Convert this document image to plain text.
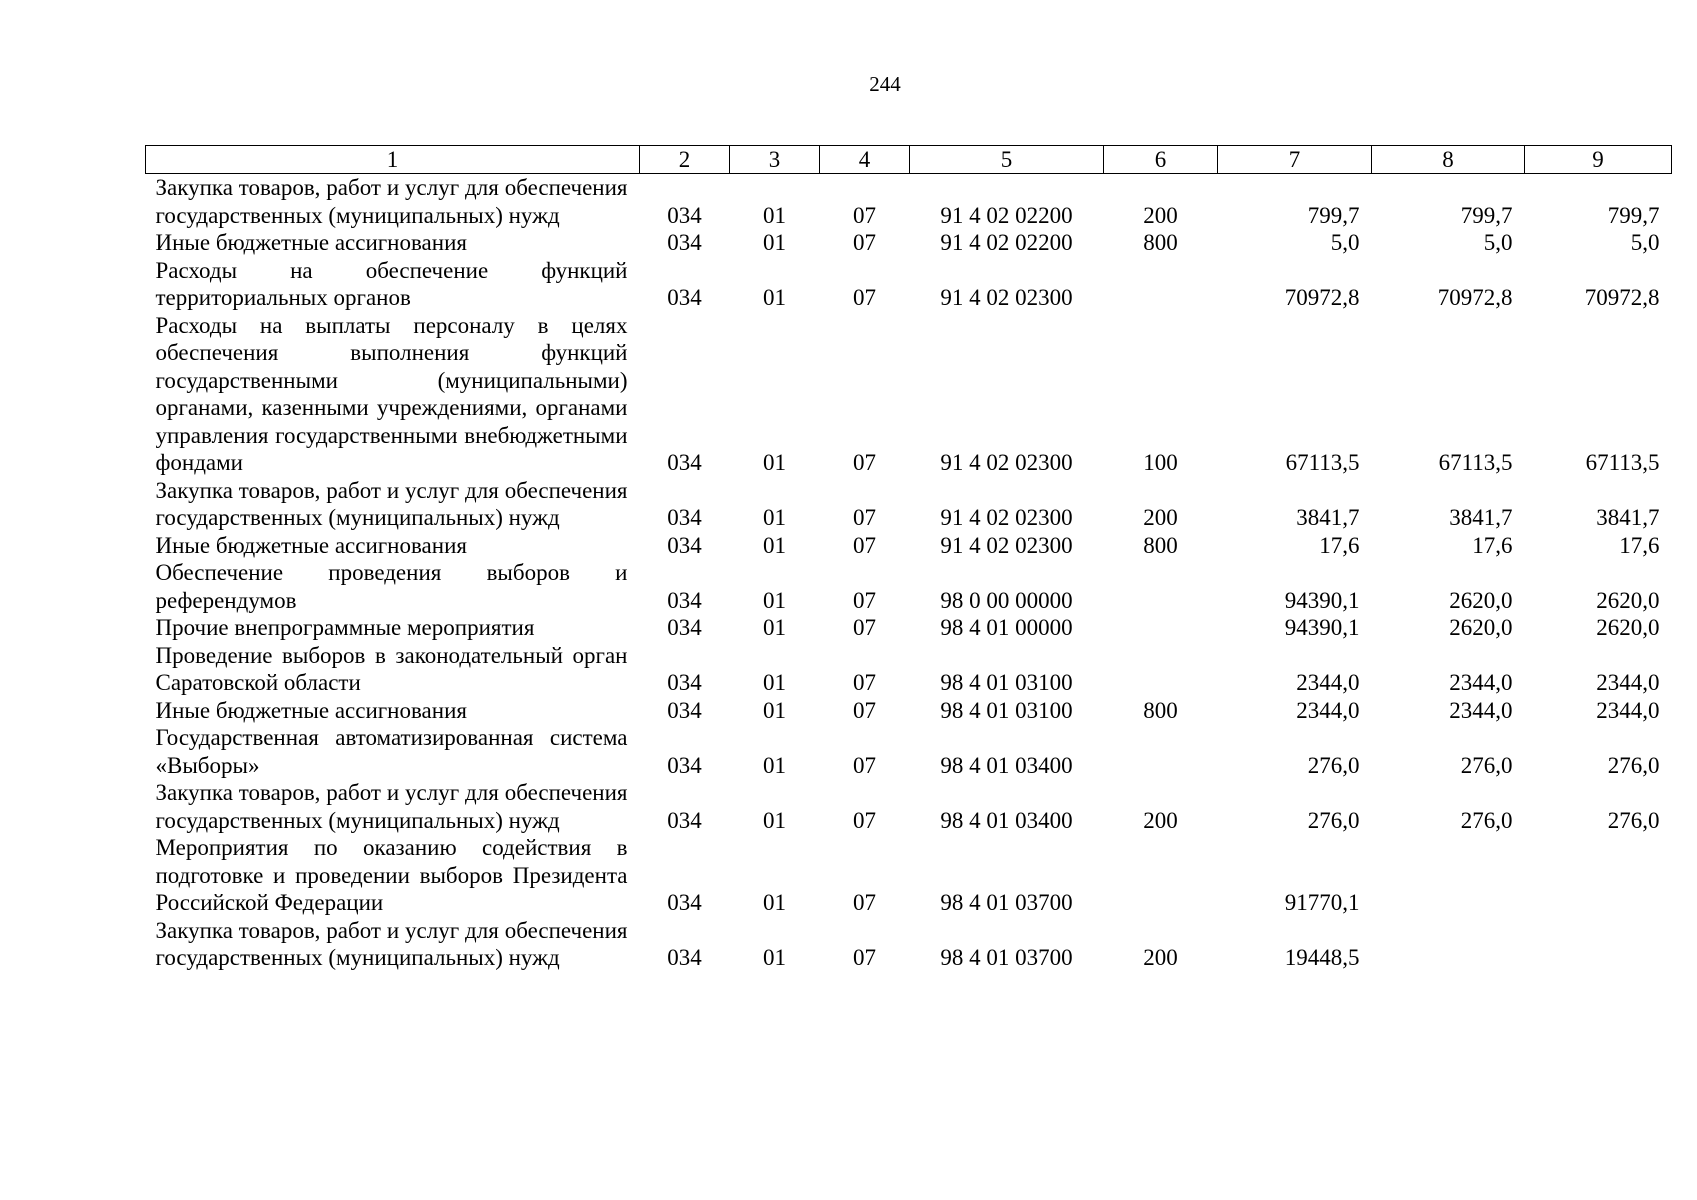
244
1	2	3	4	5	6	7	8	9
Закупка товаров, работ и услуг для обеспечения государственных (муниципальных) нужд	034	01	07	91 4 02 02200	200	799,7	799,7	799,7
Иные бюджетные ассигнования	034	01	07	91 4 02 02200	800	5,0	5,0	5,0
Расходы на обеспечение функций территориальных органов	034	01	07	91 4 02 02300		70972,8	70972,8	70972,8
Расходы на выплаты персоналу в целях обеспечения выполнения функций государственными (муниципальными) органами, казенными учреждениями, органами управления государственными внебюджетными фондами	034	01	07	91 4 02 02300	100	67113,5	67113,5	67113,5
Закупка товаров, работ и услуг для обеспечения государственных (муниципальных) нужд	034	01	07	91 4 02 02300	200	3841,7	3841,7	3841,7
Иные бюджетные ассигнования	034	01	07	91 4 02 02300	800	17,6	17,6	17,6
Обеспечение проведения выборов и референдумов	034	01	07	98 0 00 00000		94390,1	2620,0	2620,0
Прочие внепрограммные мероприятия	034	01	07	98 4 01 00000		94390,1	2620,0	2620,0
Проведение выборов в законодательный орган Саратовской области	034	01	07	98 4 01 03100		2344,0	2344,0	2344,0
Иные бюджетные ассигнования	034	01	07	98 4 01 03100	800	2344,0	2344,0	2344,0
Государственная автоматизированная система «Выборы»	034	01	07	98 4 01 03400		276,0	276,0	276,0
Закупка товаров, работ и услуг для обеспечения государственных (муниципальных) нужд	034	01	07	98 4 01 03400	200	276,0	276,0	276,0
Мероприятия по оказанию содействия в подготовке и проведении выборов Президента Российской Федерации	034	01	07	98 4 01 03700		91770,1		
Закупка товаров, работ и услуг для обеспечения государственных (муниципальных) нужд	034	01	07	98 4 01 03700	200	19448,5		
